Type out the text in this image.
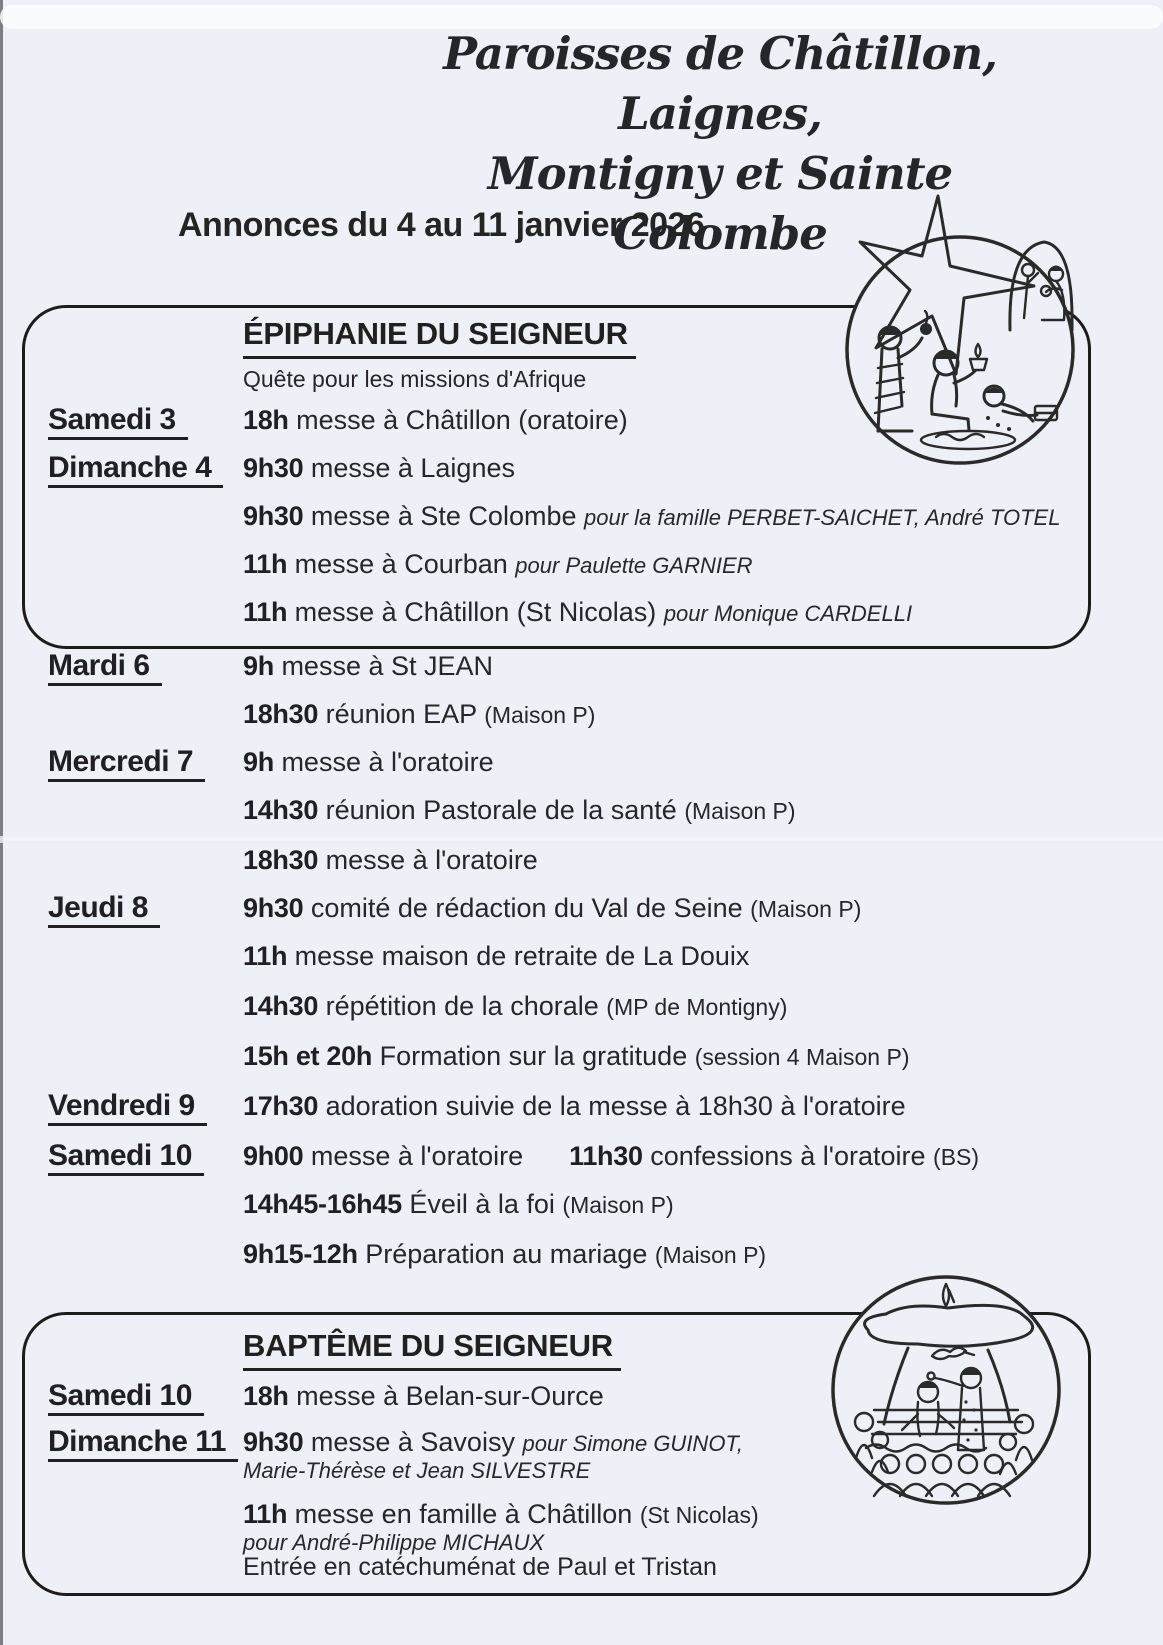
Paroisses de Châtillon, Laignes,
Montigny et Sainte Colombe
Annonces du 4 au 11 janvier 2026
ÉPIPHANIE DU SEIGNEUR
Quête pour les missions d'Afrique
Samedi 3	18h messe à Châtillon (oratoire)
Dimanche 4	9h30 messe à Laignes
9h30 messe à Ste Colombe pour la famille PERBET-SAICHET, André TOTEL
11h messe à Courban pour Paulette GARNIER
11h messe à Châtillon (St Nicolas) pour Monique CARDELLI
Mardi 6	9h messe à St JEAN
18h30 réunion EAP (Maison P)
Mercredi 7	9h messe à l'oratoire
14h30 réunion Pastorale de la santé (Maison P)
18h30 messe à l'oratoire
Jeudi 8	9h30 comité de rédaction du Val de Seine (Maison P)
11h messe maison de retraite de La Douix
14h30 répétition de la chorale (MP de Montigny)
15h et 20h Formation sur la gratitude (session 4 Maison P)
Vendredi 9	17h30 adoration suivie de la messe à 18h30 à l'oratoire
Samedi 10	9h00 messe à l'oratoire 11h30 confessions à l'oratoire (BS)
14h45-16h45 Éveil à la foi (Maison P)
9h15-12h Préparation au mariage (Maison P)
BAPTÊME DU SEIGNEUR
Samedi 10	18h messe à Belan-sur-Ource
Dimanche 11 9h30 messe à Savoisy pour Simone GUINOT,
Marie-Thérèse et Jean SILVESTRE
11h messe en famille à Châtillon (St Nicolas)
pour André-Philippe MICHAUX
Entrée en catéchuménat de Paul et Tristan
